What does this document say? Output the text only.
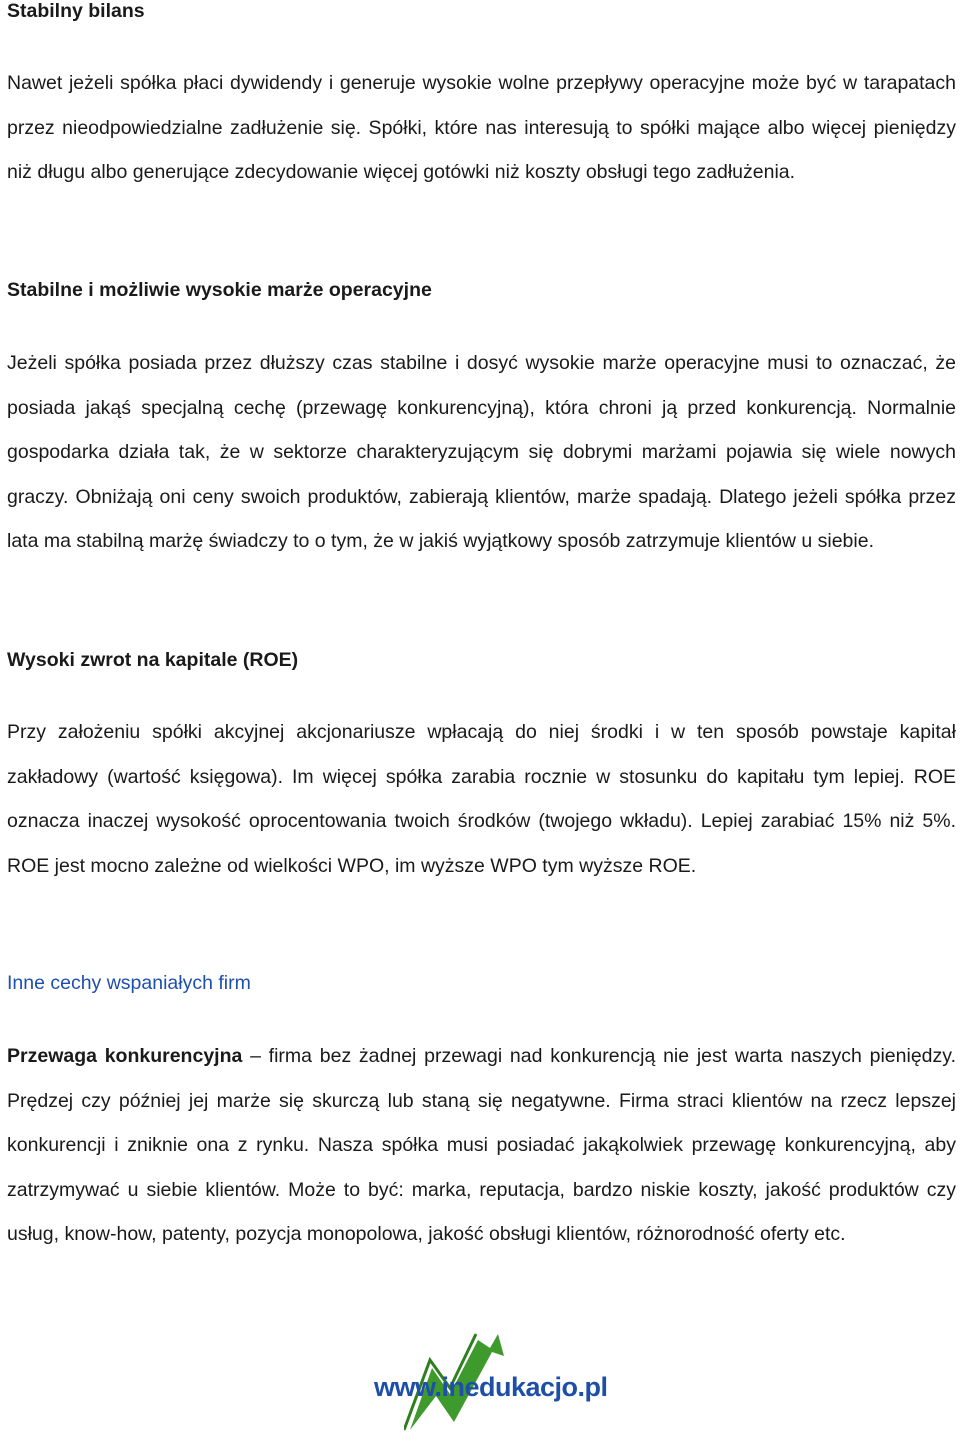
Stabilny bilans

Nawet jeżeli spółka płaci dywidendy i generuje wysokie wolne przepływy operacyjne może być w tarapatach przez nieodpowiedzialne zadłużenie się. Spółki, które nas interesują to spółki mające albo więcej pieniędzy niż długu albo generujące zdecydowanie więcej gotówki niż koszty obsługi tego zadłużenia.

Stabilne i możliwie wysokie marże operacyjne

Jeżeli spółka posiada przez dłuższy czas stabilne i dosyć wysokie marże operacyjne musi to oznaczać, że posiada jakąś specjalną cechę (przewagę konkurencyjną), która chroni ją przed konkurencją. Normalnie gospodarka działa tak, że w sektorze charakteryzującym się dobrymi marżami pojawia się wiele nowych graczy. Obniżają oni ceny swoich produktów, zabierają klientów, marże spadają. Dlatego jeżeli spółka przez lata ma stabilną marżę świadczy to o tym, że w jakiś wyjątkowy sposób zatrzymuje klientów u siebie.

Wysoki zwrot na kapitale (ROE)

Przy założeniu spółki akcyjnej akcjonariusze wpłacają do niej środki i w ten sposób powstaje kapitał zakładowy (wartość księgowa). Im więcej spółka zarabia rocznie w stosunku do kapitału tym lepiej. ROE oznacza inaczej wysokość oprocentowania twoich środków (twojego wkładu). Lepiej zarabiać 15% niż 5%. ROE jest mocno zależne od wielkości WPO, im wyższe WPO tym wyższe ROE.

Inne cechy wspaniałych firm

Przewaga konkurencyjna – firma bez żadnej przewagi nad konkurencją nie jest warta naszych pieniędzy. Prędzej czy później jej marże się skurczą lub staną się negatywne. Firma straci klientów na rzecz lepszej konkurencji i zniknie ona z rynku. Nasza spółka musi posiadać jakąkolwiek przewagę konkurencyjną, aby zatrzymywać u siebie klientów. Może to być: marka, reputacja, bardzo niskie koszty, jakość produktów czy usług, know-how, patenty, pozycja monopolowa, jakość obsługi klientów, różnorodność oferty etc.

www.inedukacjo.pl
